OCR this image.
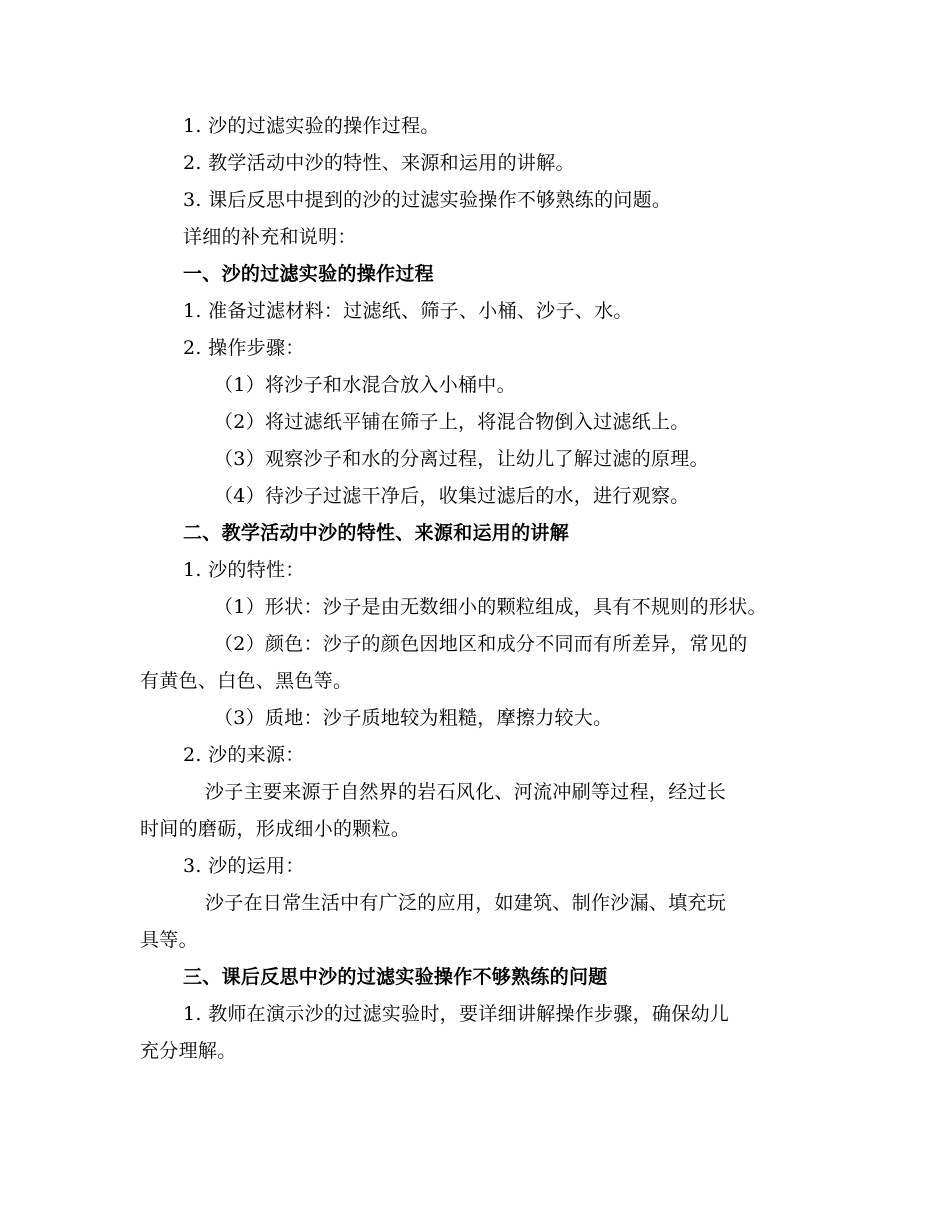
1. 沙的过滤实验的操作过程。
2. 教学活动中沙的特性、来源和运用的讲解。
3. 课后反思中提到的沙的过滤实验操作不够熟练的问题。
详细的补充和说明：
一、沙的过滤实验的操作过程
1. 准备过滤材料：过滤纸、筛子、小桶、沙子、水。
2. 操作步骤：
（1）将沙子和水混合放入小桶中。
（2）将过滤纸平铺在筛子上，将混合物倒入过滤纸上。
（3）观察沙子和水的分离过程，让幼儿了解过滤的原理。
（4）待沙子过滤干净后，收集过滤后的水，进行观察。
二、教学活动中沙的特性、来源和运用的讲解
1. 沙的特性：
（1）形状：沙子是由无数细小的颗粒组成，具有不规则的形状。
（2）颜色：沙子的颜色因地区和成分不同而有所差异，常见的
有黄色、白色、黑色等。
（3）质地：沙子质地较为粗糙，摩擦力较大。
2. 沙的来源：
沙子主要来源于自然界的岩石风化、河流冲刷等过程，经过长
时间的磨砺，形成细小的颗粒。
3. 沙的运用：
沙子在日常生活中有广泛的应用，如建筑、制作沙漏、填充玩
具等。
三、课后反思中沙的过滤实验操作不够熟练的问题
1. 教师在演示沙的过滤实验时，要详细讲解操作步骤，确保幼儿
充分理解。
